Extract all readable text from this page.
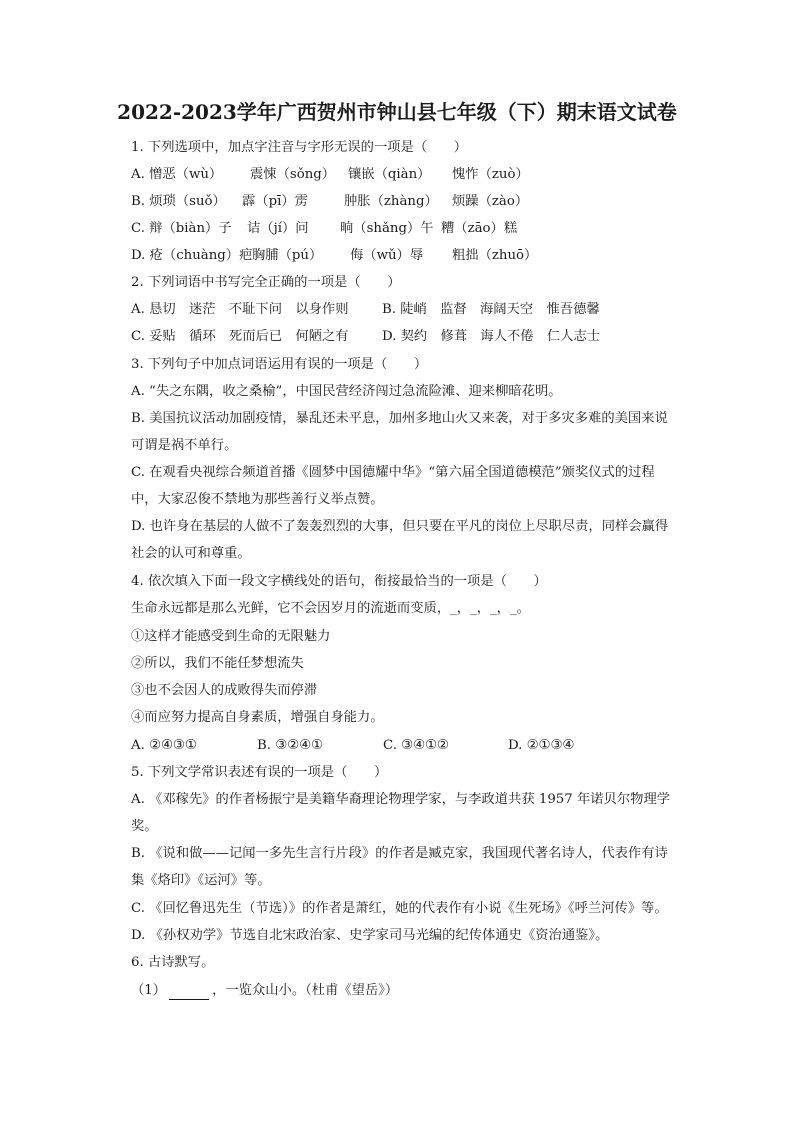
2022-2023学年广西贺州市钟山县七年级（下）期末语文试卷
1. 下列选项中，加点字注音与字形无误的一项是（　　）
A. 憎恶（wù） 震悚（sǒng） 镶嵌（qiàn） 愧怍（zuò）
B. 烦琐（suǒ） 霹（pī）雳	肿胀（zhàng） 烦躁（zào）
C. 辩（biàn）子 诘（jí）问 晌（shǎng）午 糟（zāo）糕
D. 疮（chuàng）疤 胸脯（pú） 侮（wǔ）辱 粗拙（zhuō）
2. 下列词语中书写完全正确的一项是（　　）
A. 恳切　迷茫　不耻下问　以身作则	B. 陡峭　监督　海阔天空　惟吾德馨
C. 妥贴　循环　死而后已　何陋之有	D. 契约　修葺　诲人不倦　仁人志士
3. 下列句子中加点词语运用有误的一项是（　　）
A. “失之东隅，收之桑榆”，中国民营经济闯过急流险滩、迎来柳暗花明。
B. 美国抗议活动加剧疫情，暴乱还未平息，加州多地山火又来袭，对于多灾多难的美国来说
可谓是祸不单行。
C. 在观看央视综合频道首播《圆梦中国德耀中华》“第六届全国道德模范”颁奖仪式的过程
中，大家忍俊不禁地为那些善行义举点赞。
D. 也许身在基层的人做不了轰轰烈烈的大事，但只要在平凡的岗位上尽职尽责，同样会赢得
社会的认可和尊重。
4. 依次填入下面一段文字横线处的语句，衔接最恰当的一项是（　　）
生命永远都是那么光鲜，它不会因岁月的流逝而变质，_，_，_，_。
①这样才能感受到生命的无限魅力
②所以，我们不能任梦想流失
③也不会因人的成败得失而停滞
④而应努力提高自身素质，增强自身能力。
A. ②④③①	B. ③②④①	C. ③④①②	D. ②①③④
5. 下列文学常识表述有误的一项是（　　）
A. 《邓稼先》的作者杨振宁是美籍华裔理论物理学家，与李政道共获 1957 年诺贝尔物理学
奖。
B. 《说和做——记闻一多先生言行片段》的作者是臧克家，我国现代著名诗人，代表作有诗
集《烙印》《运河》等。
C. 《回忆鲁迅先生（节选）》的作者是萧红，她的代表作有小说《生死场》《呼兰河传》等。
D. 《孙权劝学》节选自北宋政治家、史学家司马光编的纪传体通史《资治通鉴》。
6. 古诗默写。
（1）	，一览众山小。（杜甫《望岳》）
